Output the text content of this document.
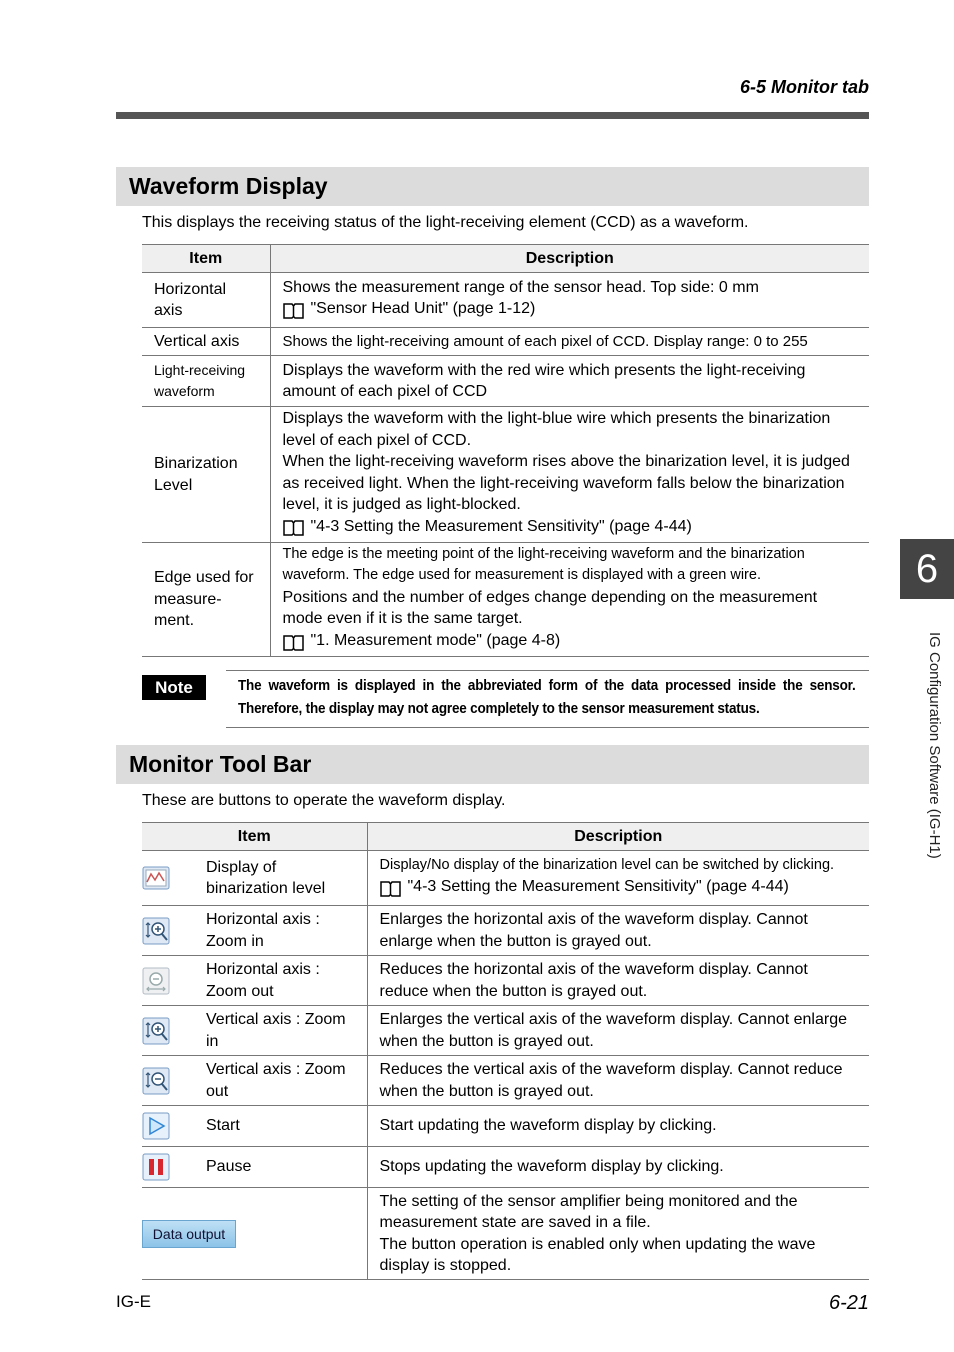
6-5 Monitor tab
Waveform Display
This displays the receiving status of the light-receiving element (CCD) as a waveform.
Item	Description
Horizontal axis	Shows the measurement range of the sensor head. Top side: 0 mm
"Sensor Head Unit" (page 1-12)

Vertical axis	Shows the light-receiving amount of each pixel of CCD. Display range: 0 to 255
Light-receiving waveform	Displays the waveform with the red wire which presents the light-receiving amount of each pixel of CCD
Binarization Level	Displays the waveform with the light-blue wire which presents the binarization level of each pixel of CCD.
When the light-receiving waveform rises above the binarization level, it is judged as received light. When the light-receiving waveform falls below the binarization level, it is judged as light-blocked.
"4-3 Setting the Measurement Sensitivity" (page 4-44)

Edge used for measure-ment.	The edge is the meeting point of the light-receiving waveform and the binarization waveform. The edge used for measurement is displayed with a green wire.
Positions and the number of edges change depending on the measurement mode even if it is the same target.
"1. Measurement mode" (page 4-8)
Note	The waveform is displayed in the abbreviated form of the data processed inside the sensor. Therefore, the display may not agree completely to the sensor measurement status.
Monitor Tool Bar
These are buttons to operate the waveform display.
Item		Description

	Display of binarization level	Display/No display of the binarization level can be switched by clicking.
"4-3 Setting the Measurement Sensitivity" (page 4-44)

	Horizontal axis : Zoom in	Enlarges the horizontal axis of the waveform display. Cannot enlarge when the button is grayed out.

	Horizontal axis : Zoom out	Reduces the horizontal axis of the waveform display. Cannot reduce when the button is grayed out.

	Vertical axis : Zoom in	Enlarges the vertical axis of the waveform display. Cannot enlarge when the button is grayed out.

	Vertical axis : Zoom out	Reduces the vertical axis of the waveform display. Cannot reduce when the button is grayed out.

	Start	Start updating the waveform display by clicking.

	Pause	Stops updating the waveform display by clicking.
Data output		The setting of the sensor amplifier being monitored and the measurement state are saved in a file.
The button operation is enabled only when updating the wave display is stopped.
6
IG Configuration Software (IG-H1)
IG-E	6-21
